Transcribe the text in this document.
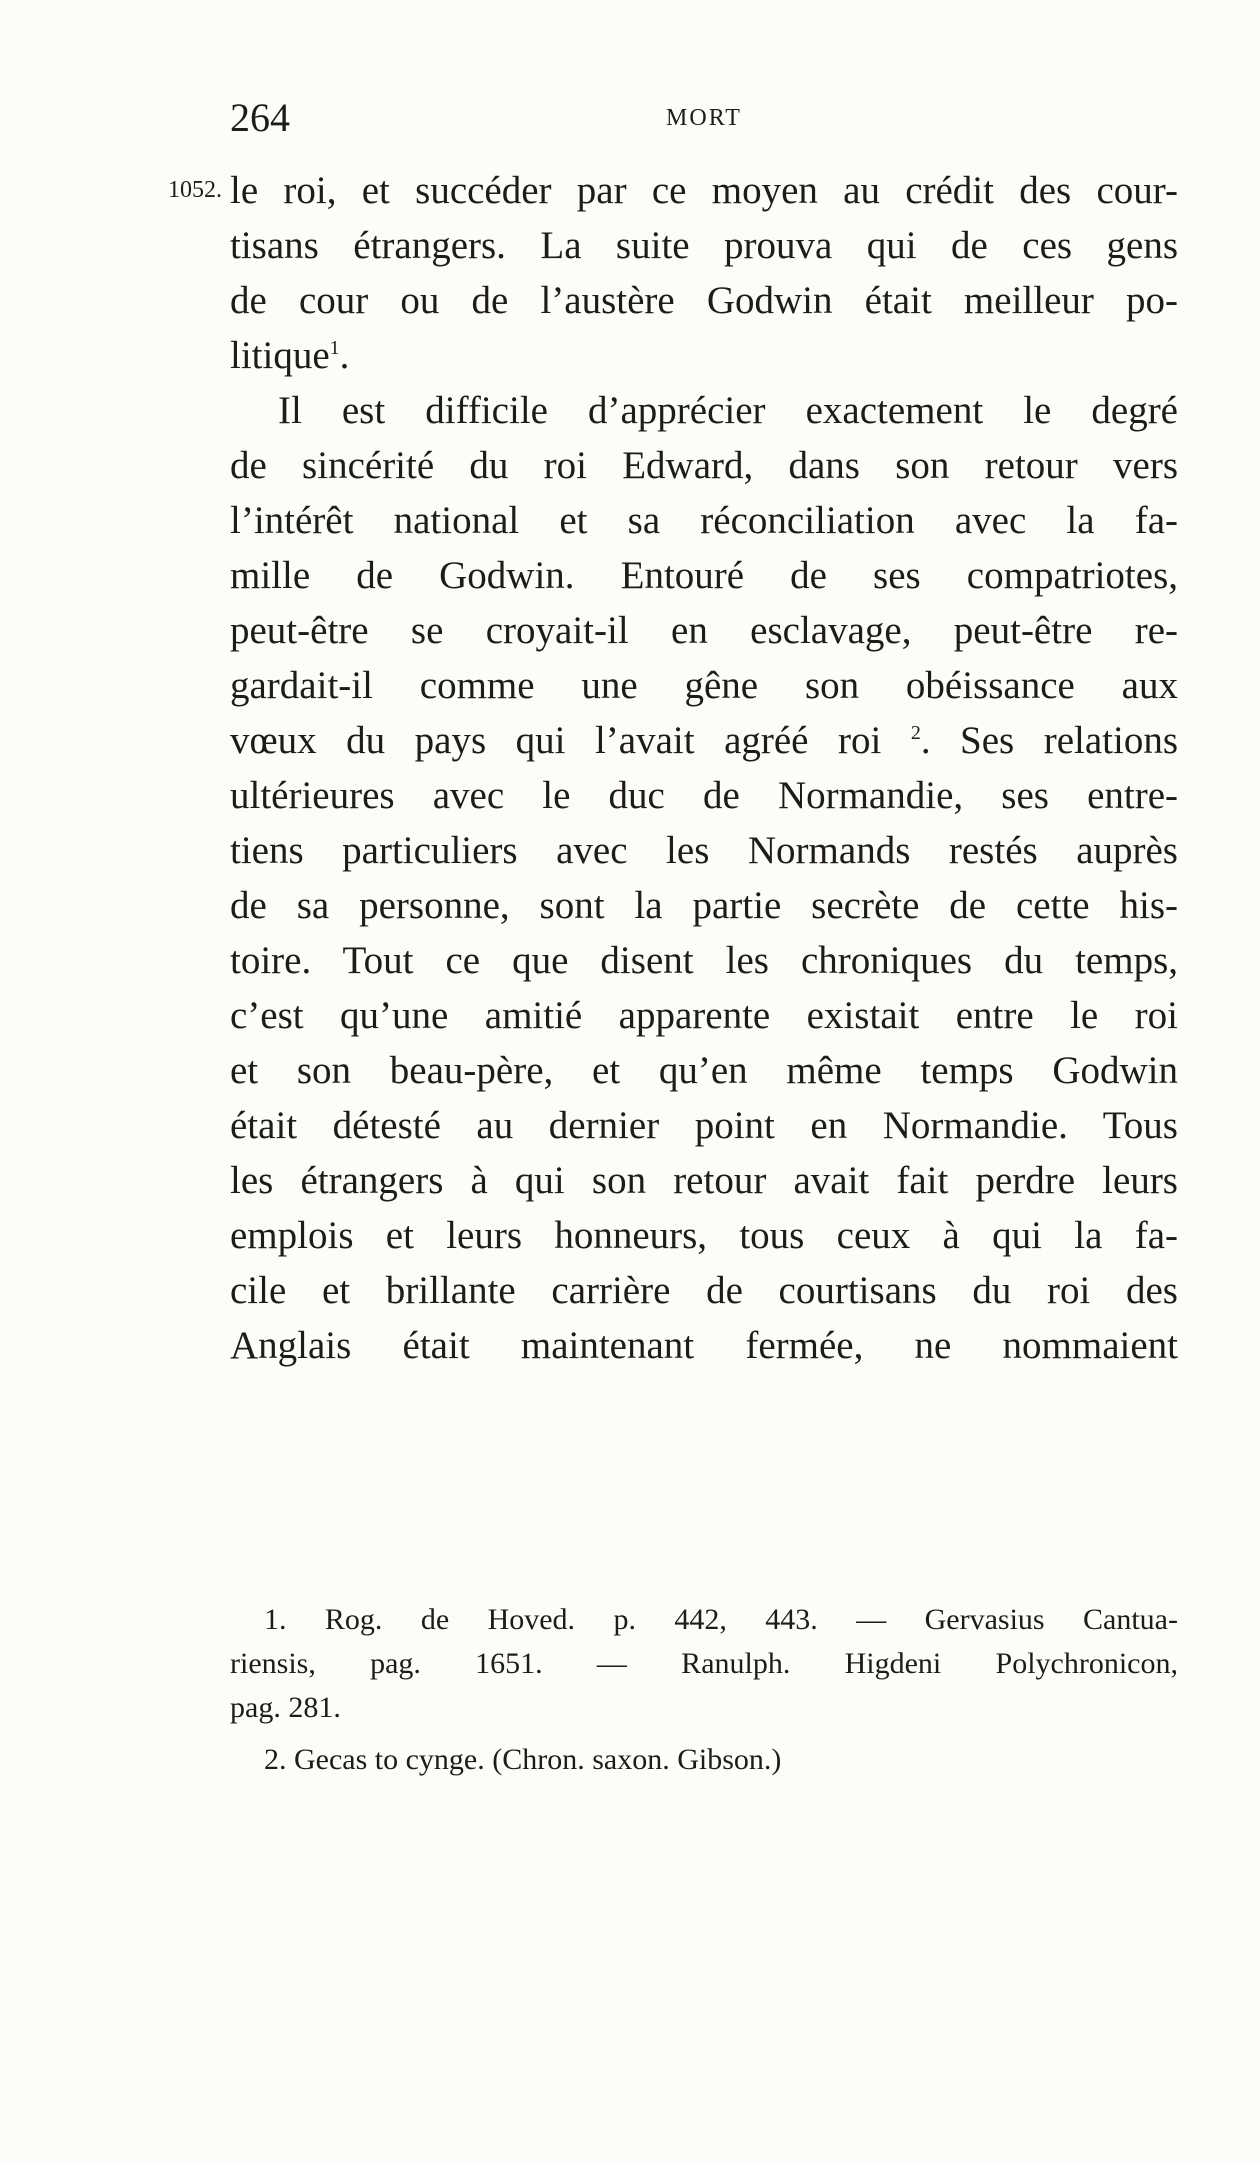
264	MORT
1052. le roi, et succéder par ce moyen au crédit des cour-
tisans étrangers. La suite prouva qui de ces gens
de cour ou de l’austère Godwin était meilleur po-
litique$^1$.
Il est difficile d’apprécier exactement le degré
de sincérité du roi Edward, dans son retour vers
l’intérêt national et sa réconciliation avec la fa-
mille de Godwin. Entouré de ses compatriotes,
peut-être se croyait-il en esclavage, peut-être re-
gardait-il comme une gêne son obéissance aux
vœux du pays qui l’avait agréé roi $^2$. Ses relations
ultérieures avec le duc de Normandie, ses entre-
tiens particuliers avec les Normands restés auprès
de sa personne, sont la partie secrète de cette his-
toire. Tout ce que disent les chroniques du temps,
c’est qu’une amitié apparente existait entre le roi
et son beau-père, et qu’en même temps Godwin
était détesté au dernier point en Normandie. Tous
les étrangers à qui son retour avait fait perdre leurs
emplois et leurs honneurs, tous ceux à qui la fa-
cile et brillante carrière de courtisans du roi des
Anglais était maintenant fermée, ne nommaient
1. Rog. de Hoved. p. 442, 443. — Gervasius Cantua-
riensis, pag. 1651. — Ranulph. Higdeni Polychronicon,
pag. 281.
2. Gecas to cynge. (Chron. saxon. Gibson.)
